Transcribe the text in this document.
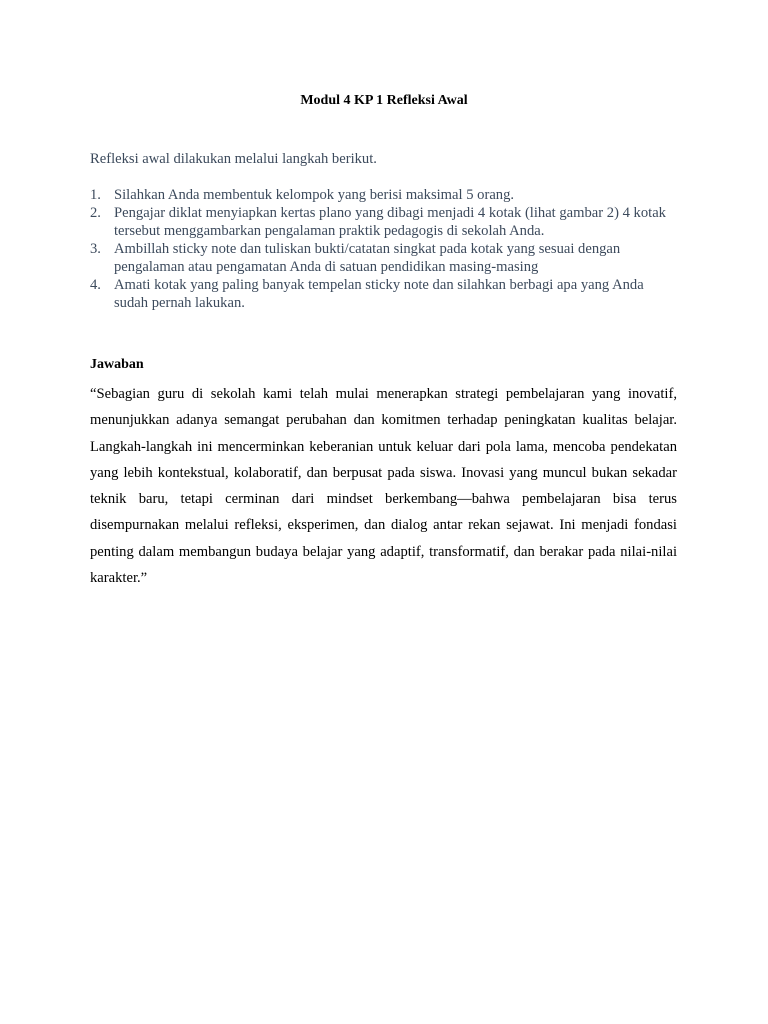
Modul 4 KP 1 Refleksi Awal

Refleksi awal dilakukan melalui langkah berikut.

1. Silahkan Anda membentuk kelompok yang berisi maksimal 5 orang.
2. Pengajar diklat menyiapkan kertas plano yang dibagi menjadi 4 kotak (lihat gambar 2) 4 kotak tersebut menggambarkan pengalaman praktik pedagogis di sekolah Anda.
3. Ambillah sticky note dan tuliskan bukti/catatan singkat pada kotak yang sesuai dengan pengalaman atau pengamatan Anda di satuan pendidikan masing-masing
4. Amati kotak yang paling banyak tempelan sticky note dan silahkan berbagi apa yang Anda sudah pernah lakukan.
Jawaban

“Sebagian guru di sekolah kami telah mulai menerapkan strategi pembelajaran yang inovatif, menunjukkan adanya semangat perubahan dan komitmen terhadap peningkatan kualitas belajar. Langkah-langkah ini mencerminkan keberanian untuk keluar dari pola lama, mencoba pendekatan yang lebih kontekstual, kolaboratif, dan berpusat pada siswa. Inovasi yang muncul bukan sekadar teknik baru, tetapi cerminan dari mindset berkembang—bahwa pembelajaran bisa terus disempurnakan melalui refleksi, eksperimen, dan dialog antar rekan sejawat. Ini menjadi fondasi penting dalam membangun budaya belajar yang adaptif, transformatif, dan berakar pada nilai-nilai karakter.”
